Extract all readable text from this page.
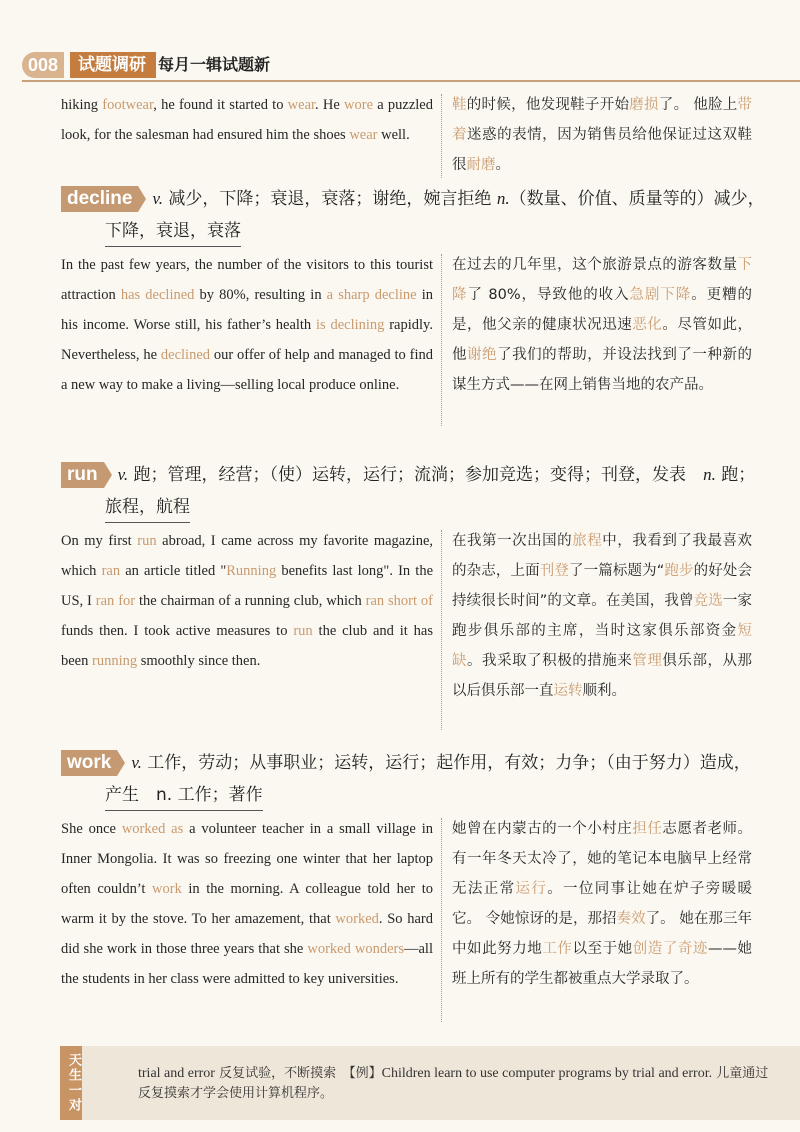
008	试题调研 每月一辑试题新
hiking footwear, he found it started to wear. He wore a puzzled look, for the salesman had ensured him the shoes wear well.
鞋的时候，他发现鞋子开始磨损了。 他脸上带着迷惑的表情，因为销售员给他保证过这双鞋很耐磨。
decline v. 减少，下降；衰退，衰落；谢绝，婉言拒绝 n.（数量、价值、质量等的）减少，
下降，衰退，衰落
In the past few years, the number of the visitors to this tourist attraction has declined by 80%, resulting in a sharp decline in his income. Worse still, his father’s health is declining rapidly. Nevertheless, he declined our offer of help and managed to find a new way to make a living—selling local produce online.
在过去的几年里，这个旅游景点的游客数量下降了 80%，导致他的收入急剧下降。更糟的是，他父亲的健康状况迅速恶化。尽管如此，他谢绝了我们的帮助，并设法找到了一种新的谋生方式——在网上销售当地的农产品。
run v. 跑；管理，经营；（使）运转，运行；流淌；参加竞选；变得；刊登，发表　n. 跑；
旅程，航程
On my first run abroad, I came across my favorite magazine, which ran an article titled "Running benefits last long". In the US, I ran for the chairman of a running club, which ran short of funds then. I took active measures to run the club and it has been running smoothly since then.
在我第一次出国的旅程中，我看到了我最喜欢的杂志，上面刊登了一篇标题为“跑步的好处会持续很长时间”的文章。在美国，我曾竞选一家跑步俱乐部的主席，当时这家俱乐部资金短缺。我采取了积极的措施来管理俱乐部，从那以后俱乐部一直运转顺利。
work v. 工作，劳动；从事职业；运转，运行；起作用，有效；力争；（由于努力）造成，
产生　n. 工作；著作
She once worked as a volunteer teacher in a small village in Inner Mongolia. It was so freezing one winter that her laptop often couldn’t work in the morning. A colleague told her to warm it by the stove. To her amazement, that worked. So hard did she work in those three years that she worked wonders—all the students in her class were admitted to key universities.
她曾在内蒙古的一个小村庄担任志愿者老师。有一年冬天太冷了，她的笔记本电脑早上经常无法正常运行。一位同事让她在炉子旁暖暖它。 令她惊讶的是，那招奏效了。 她在那三年中如此努力地工作以至于她创造了奇迹——她班上所有的学生都被重点大学录取了。
天生一对	trial and error 反复试验，不断摸索　【例】Children learn to use computer programs by trial and error. 儿童通过反复摸索才学会使用计算机程序。
